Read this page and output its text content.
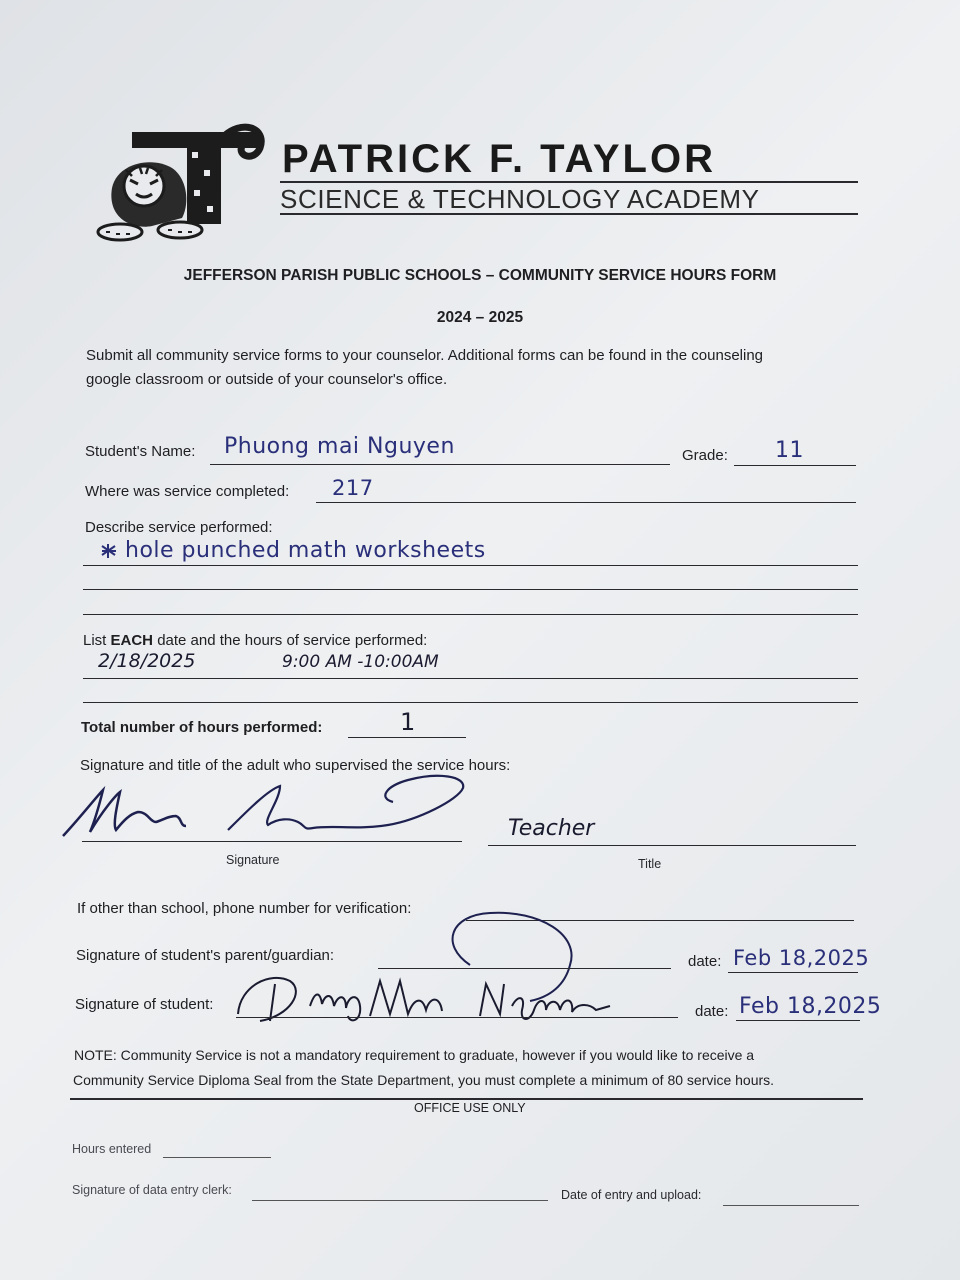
PATRICK F. TAYLOR
SCIENCE & TECHNOLOGY ACADEMY
JEFFERSON PARISH PUBLIC SCHOOLS – COMMUNITY SERVICE HOURS FORM
2024 – 2025
Submit all community service forms to your counselor. Additional forms can be found in the counseling
google classroom or outside of your counselor's office.
Student's Name: Phuong mai Nguyen	Grade: 11
Where was service completed: 217
Describe service performed:
hole punched math worksheets
List EACH date and the hours of service performed:
2/18/2025	9:00 AM -10:00AM
Total number of hours performed:	1
Signature and title of the adult who supervised the service hours:
Teacher
Signature	Title
If other than school, phone number for verification:
Signature of student's parent/guardian:	date: Feb 18,2025
Signature of student:	date: Feb 18,2025
NOTE: Community Service is not a mandatory requirement to graduate, however if you would like to receive a
Community Service Diploma Seal from the State Department, you must complete a minimum of 80 service hours.
OFFICE USE ONLY
Hours entered
Signature of data entry clerk:	Date of entry and upload:
